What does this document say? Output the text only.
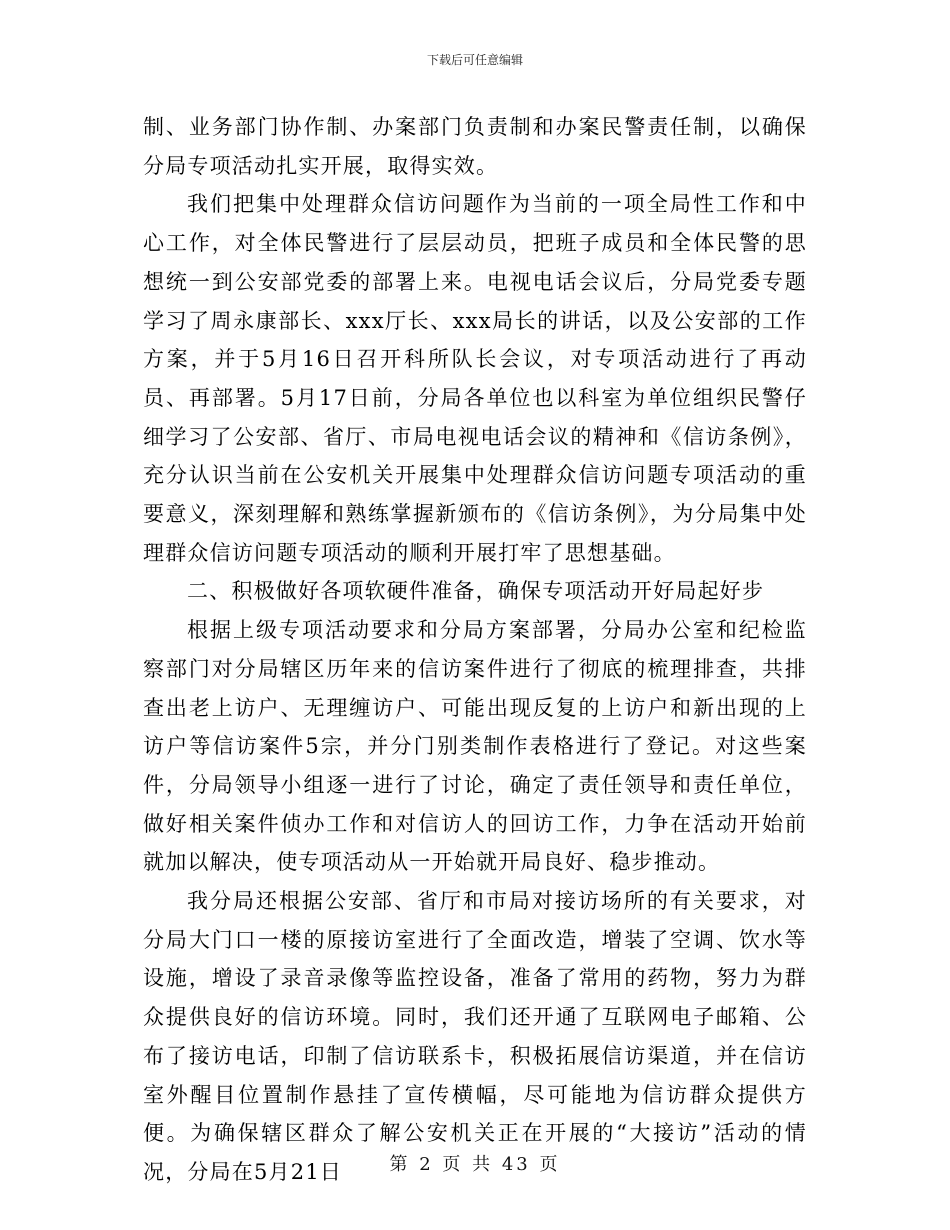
下载后可任意编辑

制、业务部门协作制、办案部门负责制和办案民警责任制，以确保分局专项活动扎实开展，取得实效。

我们把集中处理群众信访问题作为当前的一项全局性工作和中心工作，对全体民警进行了层层动员，把班子成员和全体民警的思想统一到公安部党委的部署上来。电视电话会议后，分局党委专题学习了周永康部长、xxx厅长、xxx局长的讲话，以及公安部的工作方案，并于5月16日召开科所队长会议，对专项活动进行了再动员、再部署。5月17日前，分局各单位也以科室为单位组织民警仔细学习了公安部、省厅、市局电视电话会议的精神和《信访条例》，充分认识当前在公安机关开展集中处理群众信访问题专项活动的重要意义，深刻理解和熟练掌握新颁布的《信访条例》，为分局集中处理群众信访问题专项活动的顺利开展打牢了思想基础。

二、积极做好各项软硬件准备，确保专项活动开好局起好步

根据上级专项活动要求和分局方案部署，分局办公室和纪检监察部门对分局辖区历年来的信访案件进行了彻底的梳理排查，共排查出老上访户、无理缠访户、可能出现反复的上访户和新出现的上访户等信访案件5宗，并分门别类制作表格进行了登记。对这些案件，分局领导小组逐一进行了讨论，确定了责任领导和责任单位，做好相关案件侦办工作和对信访人的回访工作，力争在活动开始前就加以解决，使专项活动从一开始就开局良好、稳步推动。

我分局还根据公安部、省厅和市局对接访场所的有关要求，对分局大门口一楼的原接访室进行了全面改造，增装了空调、饮水等设施，增设了录音录像等监控设备，准备了常用的药物，努力为群众提供良好的信访环境。同时，我们还开通了互联网电子邮箱、公布了接访电话，印制了信访联系卡，积极拓展信访渠道，并在信访室外醒目位置制作悬挂了宣传横幅，尽可能地为信访群众提供方便。为确保辖区群众了解公安机关正在开展的“大接访”活动的情况，分局在5月21日	第 2 页 共 43 页
